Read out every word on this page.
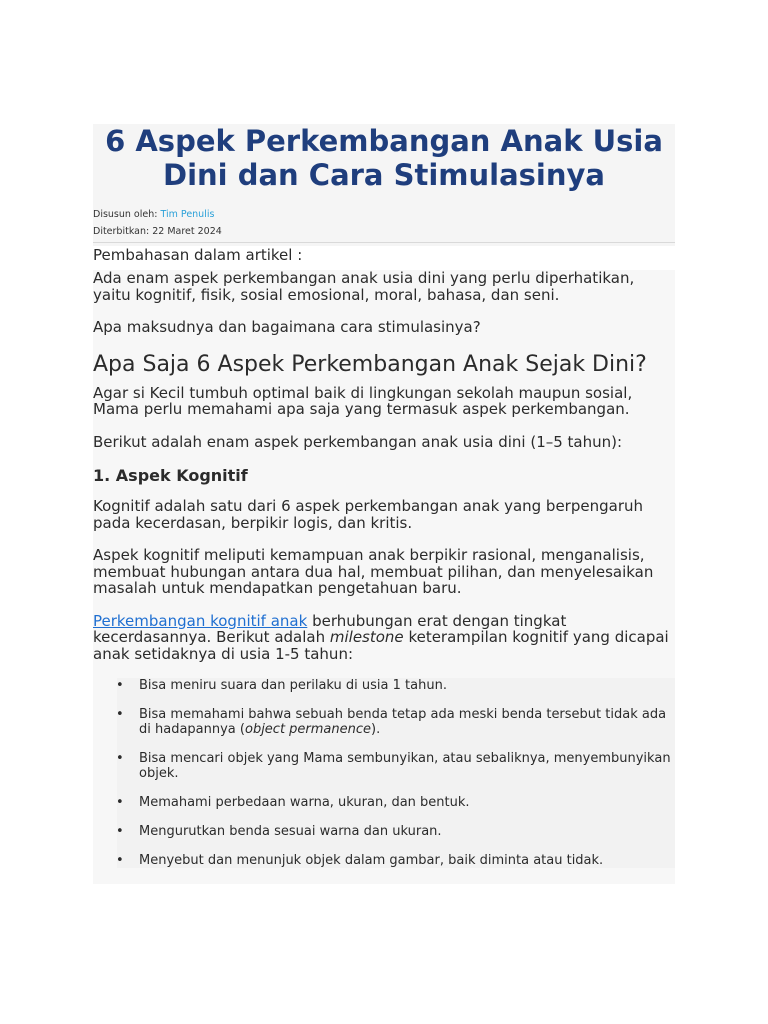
6 Aspek Perkembangan Anak Usia Dini dan Cara Stimulasinya
Disusun oleh: Tim Penulis
Diterbitkan: 22 Maret 2024

Pembahasan dalam artikel :

Ada enam aspek perkembangan anak usia dini yang perlu diperhatikan, yaitu kognitif, fisik, sosial emosional, moral, bahasa, dan seni.

Apa maksudnya dan bagaimana cara stimulasinya?

Apa Saja 6 Aspek Perkembangan Anak Sejak Dini?

Agar si Kecil tumbuh optimal baik di lingkungan sekolah maupun sosial, Mama perlu memahami apa saja yang termasuk aspek perkembangan.

Berikut adalah enam aspek perkembangan anak usia dini (1–5 tahun):

1. Aspek Kognitif

Kognitif adalah satu dari 6 aspek perkembangan anak yang berpengaruh pada kecerdasan, berpikir logis, dan kritis.

Aspek kognitif meliputi kemampuan anak berpikir rasional, menganalisis, membuat hubungan antara dua hal, membuat pilihan, dan menyelesaikan masalah untuk mendapatkan pengetahuan baru.

Perkembangan kognitif anak berhubungan erat dengan tingkat kecerdasannya. Berikut adalah milestone keterampilan kognitif yang dicapai anak setidaknya di usia 1-5 tahun:

• Bisa meniru suara dan perilaku di usia 1 tahun.
• Bisa memahami bahwa sebuah benda tetap ada meski benda tersebut tidak ada di hadapannya (object permanence).
• Bisa mencari objek yang Mama sembunyikan, atau sebaliknya, menyembunyikan objek.
• Memahami perbedaan warna, ukuran, dan bentuk.
• Mengurutkan benda sesuai warna dan ukuran.
• Menyebut dan menunjuk objek dalam gambar, baik diminta atau tidak.
